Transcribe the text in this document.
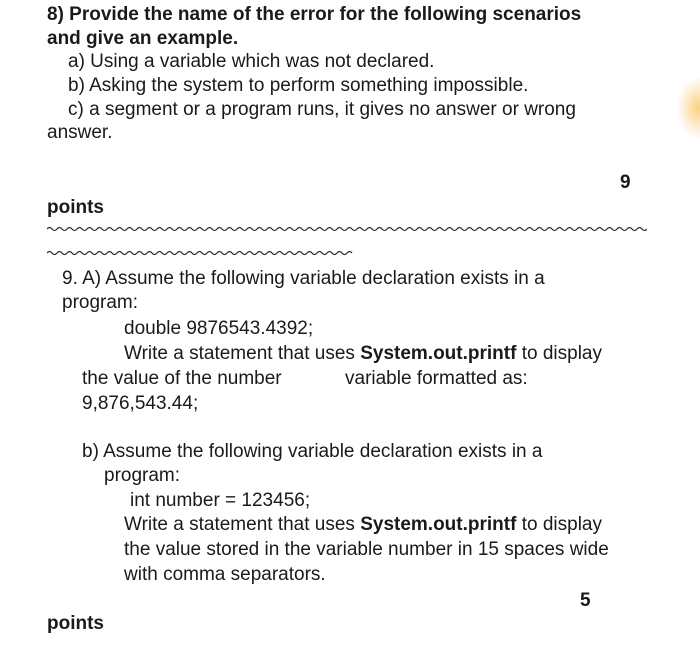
8) Provide the name of the error for the following scenarios
and give an example.
a) Using a variable which was not declared.
b) Asking the system to perform something impossible.
c) a segment or a program runs, it gives no answer or wrong
answer.
9
points
9. A) Assume the following variable declaration exists in a
program:
double 9876543.4392;
Write a statement that uses System.out.printf to display
the value of the number	variable formatted as:
9,876,543.44;
b) Assume the following variable declaration exists in a
program:
int number = 123456;
Write a statement that uses System.out.printf to display
the value stored in the variable number in 15 spaces wide
with comma separators.
5
points
